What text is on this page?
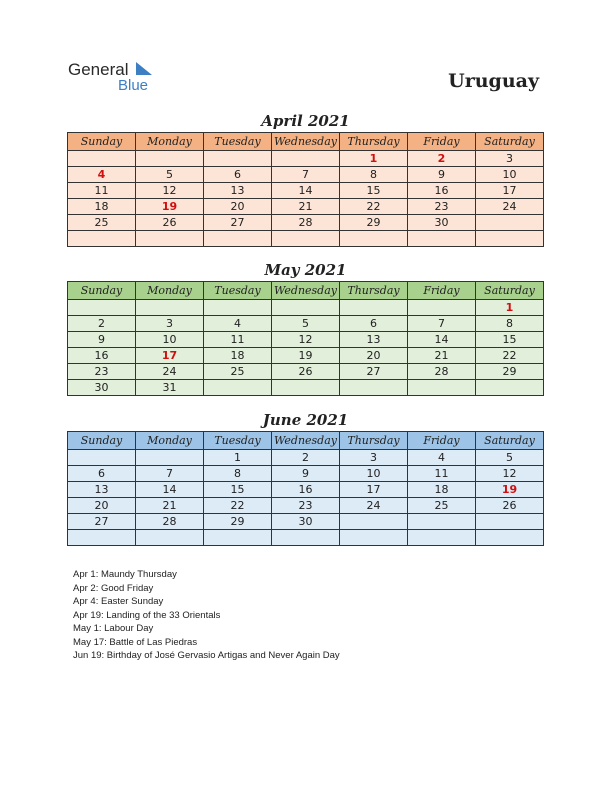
General
Blue	Uruguay
April 2021
Sunday	Monday	Tuesday	Wednesday	Thursday	Friday	Saturday
				1	2	3
4	5	6	7	8	9	10
11	12	13	14	15	16	17
18	19	20	21	22	23	24
25	26	27	28	29	30	

May 2021
Sunday	Monday	Tuesday	Wednesday	Thursday	Friday	Saturday
						1
2	3	4	5	6	7	8
9	10	11	12	13	14	15
16	17	18	19	20	21	22
23	24	25	26	27	28	29
30	31					
June 2021
Sunday	Monday	Tuesday	Wednesday	Thursday	Friday	Saturday
		1	2	3	4	5
6	7	8	9	10	11	12
13	14	15	16	17	18	19
20	21	22	23	24	25	26
27	28	29	30			

Apr 1: Maundy Thursday
Apr 2: Good Friday
Apr 4: Easter Sunday
Apr 19: Landing of the 33 Orientals
May 1: Labour Day
May 17: Battle of Las Piedras
Jun 19: Birthday of José Gervasio Artigas and Never Again Day
